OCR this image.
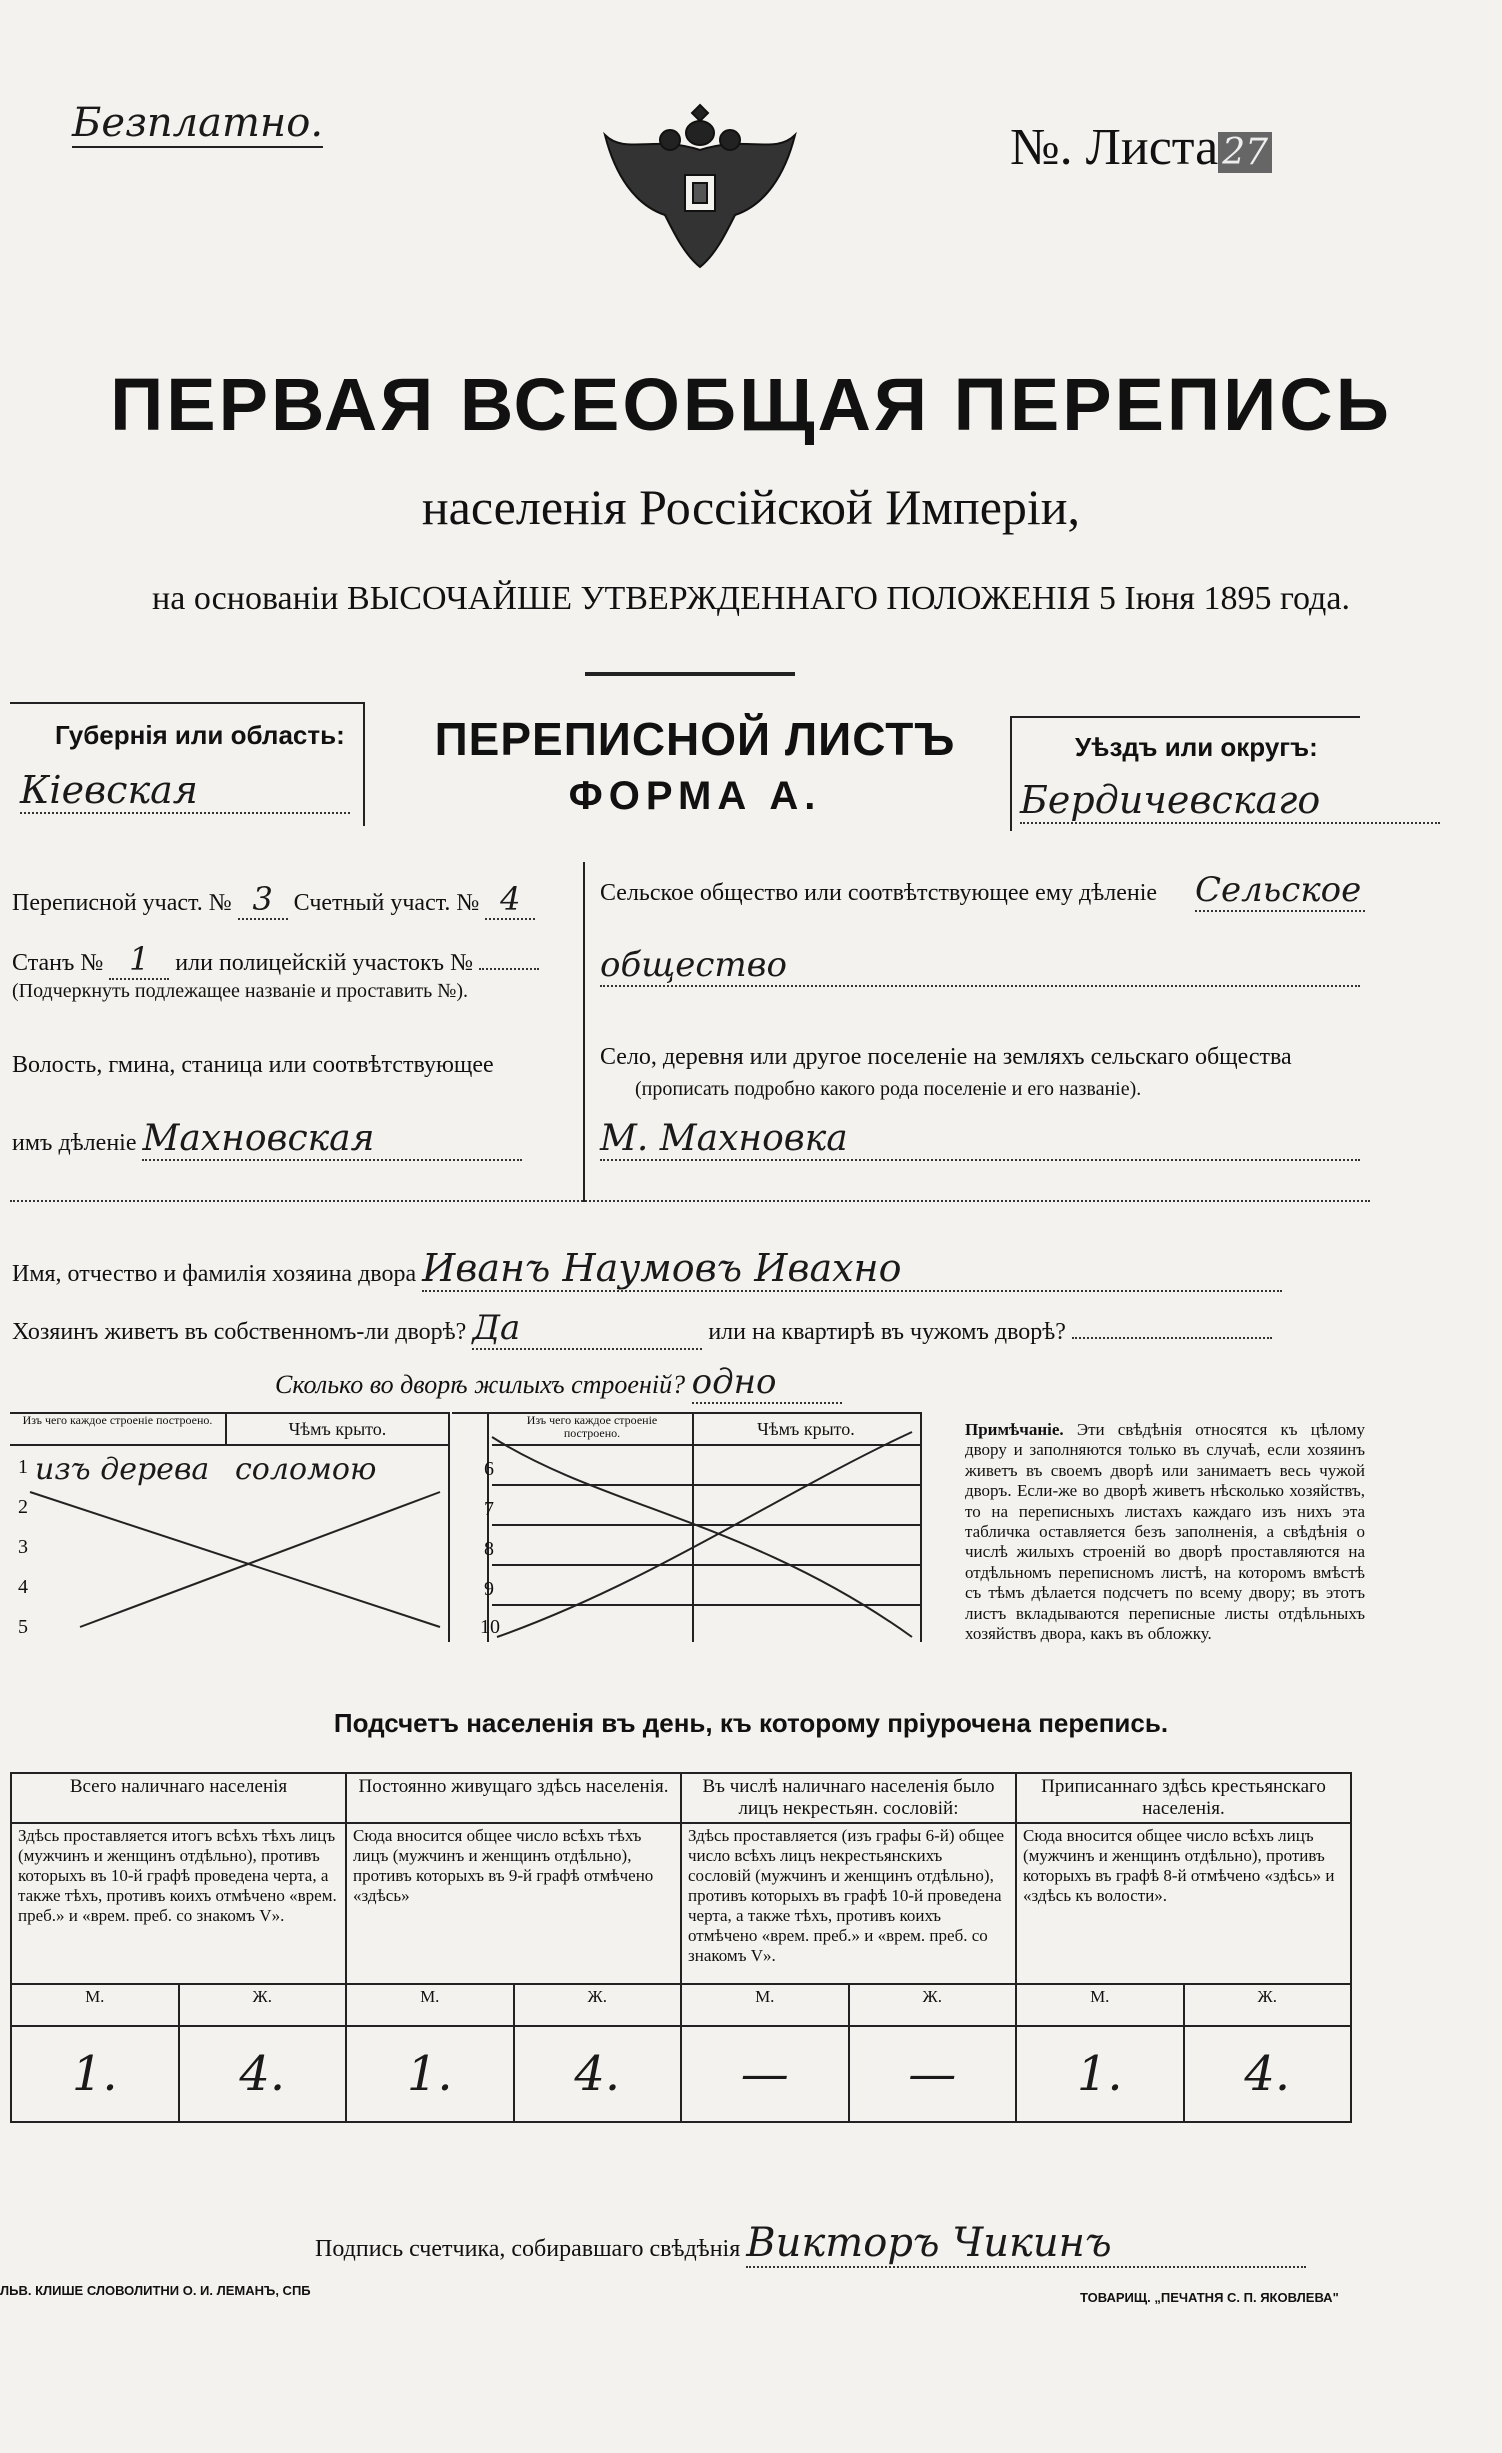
Безплатно.	№. Листа 27
ПЕРВАЯ ВСЕОБЩАЯ ПЕРЕПИСЬ
населенія Россійской Имперіи,
на основаніи ВЫСОЧАЙШЕ УТВЕРЖДЕННАГО ПОЛОЖЕНІЯ 5 Іюня 1895 года.
Губернія или область:
Кіевская
ПЕРЕПИСНОЙ ЛИСТЪ
ФОРМА А.
Уѣздъ или округъ:
Бердичевскаго
Переписной участ. № 3 Счетный участ. № 4
Станъ № 1 или полицейскій участокъ №
(Подчеркнуть подлежащее названіе и проставить №).
Волость, гмина, станица или соотвѣтствующее
имъ дѣленіе Махновская
Сельское общество или соотвѣтствующее ему дѣленіе Сельское
общество
Село, деревня или другое поселеніе на земляхъ сельскаго общества
(прописать подробно какого рода поселеніе и его названіе).
М. Махновка
Имя, отчество и фамилія хозяина двора Иванъ Наумовъ Ивахно
Хозяинъ живетъ въ собственномъ-ли дворѣ? Да	или на квартирѣ въ чужомъ дворѣ?
Сколько во дворѣ жилыхъ строеній? одно
Изъ чего каждое строеніе построено.	Чѣмъ крыто.
1
2
3
4
5
изъ дерева соломою
Изъ чего каждое строеніе построено.	Чѣмъ крыто.
6
7
8
9
10
Примѣчаніе. Эти свѣдѣнія относятся къ цѣлому двору и заполняются только въ случаѣ, если хозяинъ живетъ въ своемъ дворѣ или занимаетъ весь чужой дворъ. Если-же во дворѣ живетъ нѣсколько хозяйствъ, то на переписныхъ листахъ каждаго изъ нихъ эта табличка оставляется безъ заполненія, а свѣдѣнія о числѣ жилыхъ строеній во дворѣ проставляются на отдѣльномъ переписномъ листѣ, на которомъ вмѣстѣ съ тѣмъ дѣлается подсчетъ по всему двору; въ этотъ листъ вкладываются переписные листы отдѣльныхъ хозяйствъ двора, какъ въ обложку.
Подсчетъ населенія въ день, къ которому пріурочена перепись.
Всего наличнаго населенія		Постоянно живущаго здѣсь населенія.		Въ числѣ наличнаго населенія было лицъ некрестьян. сословій:		Приписаннаго здѣсь крестьянскаго населенія.	
Здѣсь проставляется итогъ всѣхъ тѣхъ лицъ (мужчинъ и женщинъ отдѣльно), противъ которыхъ въ 10-й графѣ проведена черта, а также тѣхъ, противъ коихъ отмѣчено «врем. преб.» и «врем. преб. со знакомъ V».		Сюда вносится общее число всѣхъ тѣхъ лицъ (мужчинъ и женщинъ отдѣльно), противъ которыхъ въ 9-й графѣ отмѣчено «здѣсь»		Здѣсь проставляется (изъ графы 6-й) общее число всѣхъ лицъ некрестьянскихъ сословій (мужчинъ и женщинъ отдѣльно), противъ которыхъ въ графѣ 10-й проведена черта, а также тѣхъ, противъ коихъ отмѣчено «врем. преб.» и «врем. преб. со знакомъ V».		Сюда вносится общее число всѣхъ лицъ (мужчинъ и женщинъ отдѣльно), противъ которыхъ въ графѣ 8-й отмѣчено «здѣсь» и «здѣсь къ волости».	
М.	Ж.	М.	Ж.	М.	Ж.	М.	Ж.
1.	4.	1.	4.	—	—	1.	4.
Подпись счетчика, собиравшаго свѣдѣнія Викторъ Чикинъ
ЛЬВ. КЛИШЕ СЛОВОЛИТНИ О. И. ЛЕМАНЪ, СПБ	ТОВАРИЩ. „ПЕЧАТНЯ С. П. ЯКОВЛЕВА"
